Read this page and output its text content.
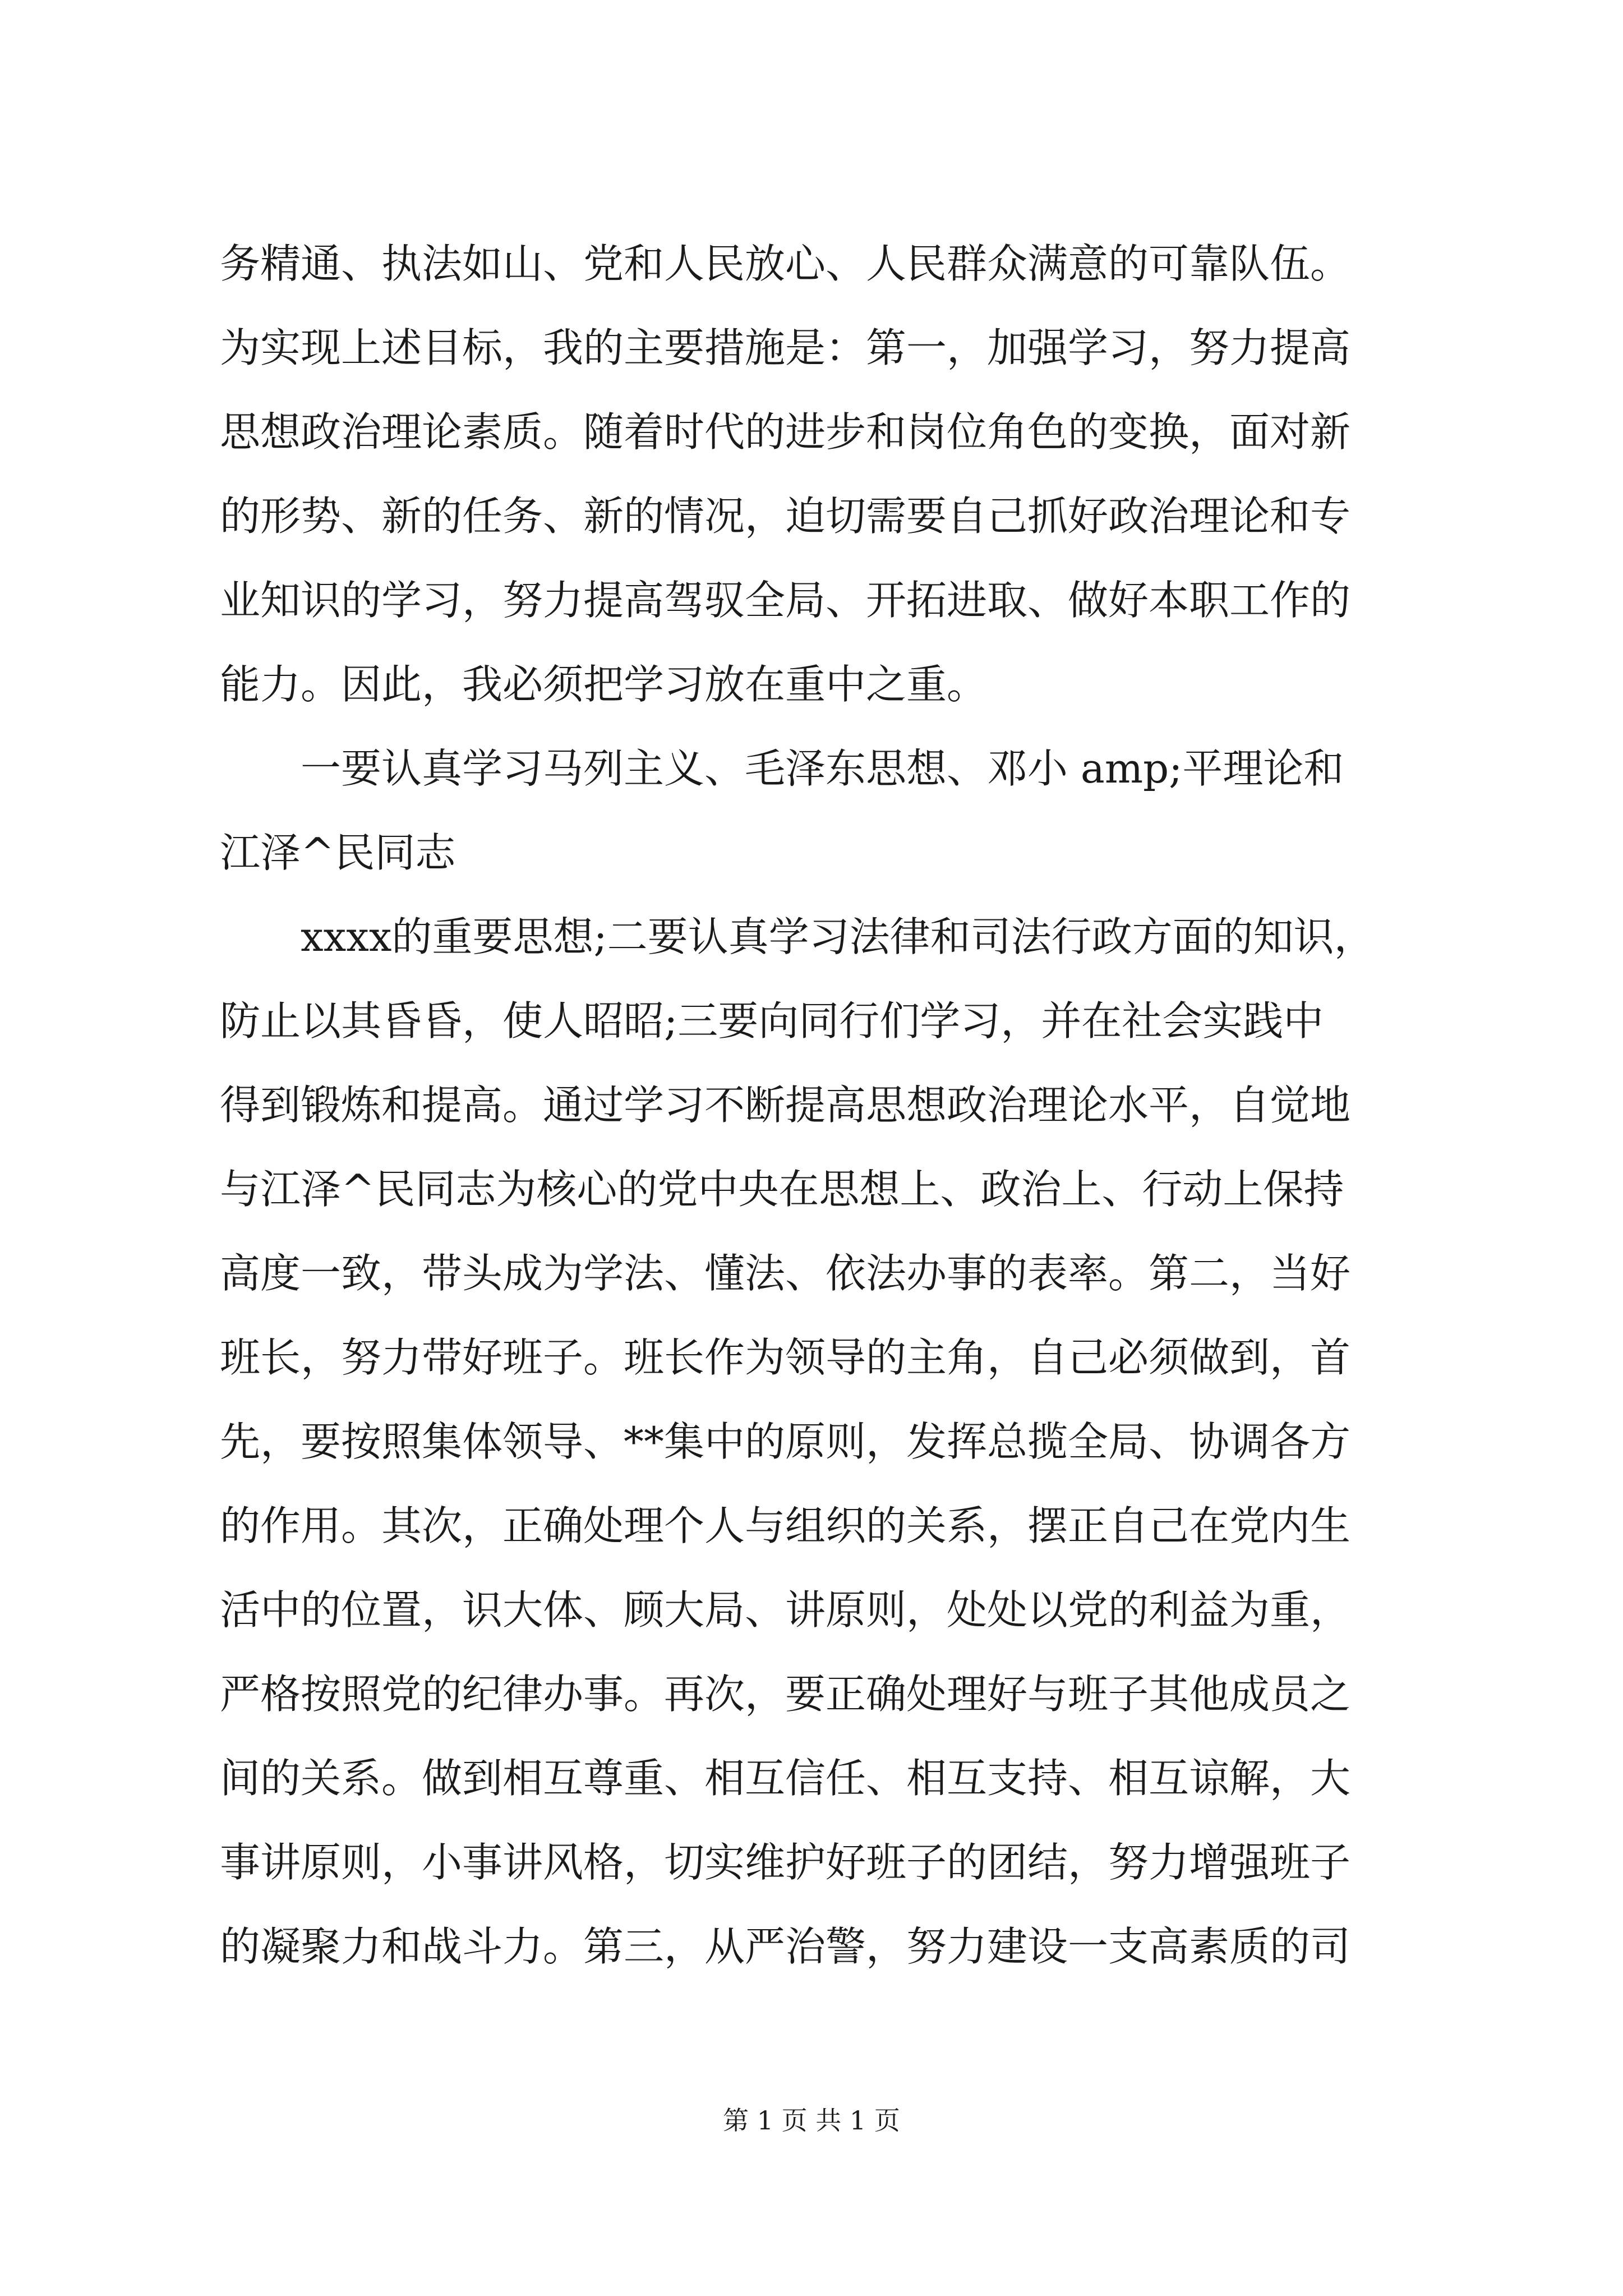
务精通、执法如山、党和人民放心、人民群众满意的可靠队伍。
为实现上述目标，我的主要措施是：第一，加强学习，努力提高
思想政治理论素质。随着时代的进步和岗位角色的变换，面对新
的形势、新的任务、新的情况，迫切需要自己抓好政治理论和专
业知识的学习，努力提高驾驭全局、开拓进取、做好本职工作的
能力。因此，我必须把学习放在重中之重。
一要认真学习马列主义、毛泽东思想、邓小 amp;平理论和
江泽^民同志
xxxx的重要思想;二要认真学习法律和司法行政方面的知识，
防止以其昏昏，使人昭昭;三要向同行们学习，并在社会实践中
得到锻炼和提高。通过学习不断提高思想政治理论水平，自觉地
与江泽^民同志为核心的党中央在思想上、政治上、行动上保持
高度一致，带头成为学法、懂法、依法办事的表率。第二，当好
班长，努力带好班子。班长作为领导的主角，自己必须做到，首
先，要按照集体领导、**集中的原则，发挥总揽全局、协调各方
的作用。其次，正确处理个人与组织的关系，摆正自己在党内生
活中的位置，识大体、顾大局、讲原则，处处以党的利益为重，
严格按照党的纪律办事。再次，要正确处理好与班子其他成员之
间的关系。做到相互尊重、相互信任、相互支持、相互谅解，大
事讲原则，小事讲风格，切实维护好班子的团结，努力增强班子
的凝聚力和战斗力。第三，从严治警，努力建设一支高素质的司
第 1 页 共 1 页
